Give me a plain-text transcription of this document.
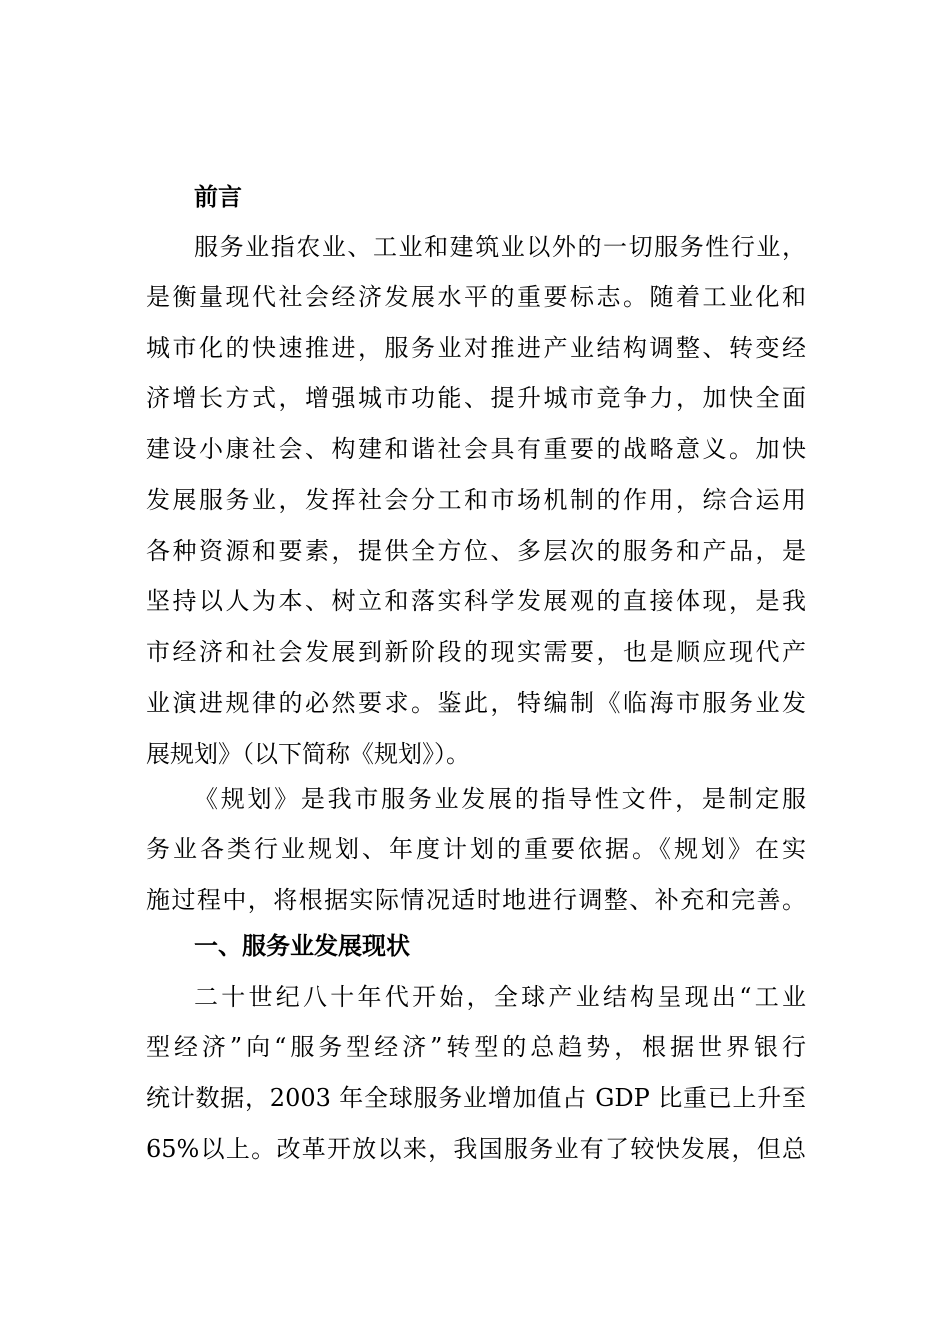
前言
服务业指农业、工业和建筑业以外的一切服务性行业，
是衡量现代社会经济发展水平的重要标志。随着工业化和
城市化的快速推进，服务业对推进产业结构调整、转变经
济增长方式，增强城市功能、提升城市竞争力，加快全面
建设小康社会、构建和谐社会具有重要的战略意义。加快
发展服务业，发挥社会分工和市场机制的作用，综合运用
各种资源和要素，提供全方位、多层次的服务和产品，是
坚持以人为本、树立和落实科学发展观的直接体现，是我
市经济和社会发展到新阶段的现实需要，也是顺应现代产
业演进规律的必然要求。鉴此，特编制《临海市服务业发
展规划》（以下简称《规划》）。
《规划》是我市服务业发展的指导性文件，是制定服
务业各类行业规划、年度计划的重要依据。《规划》在实
施过程中，将根据实际情况适时地进行调整、补充和完善。
一、服务业发展现状
二十世纪八十年代开始，全球产业结构呈现出“工业
型经济”向“服务型经济”转型的总趋势，根据世界银行
统计数据，2003 年全球服务业增加值占 GDP 比重已上升至
65%以上。改革开放以来，我国服务业有了较快发展，但总
